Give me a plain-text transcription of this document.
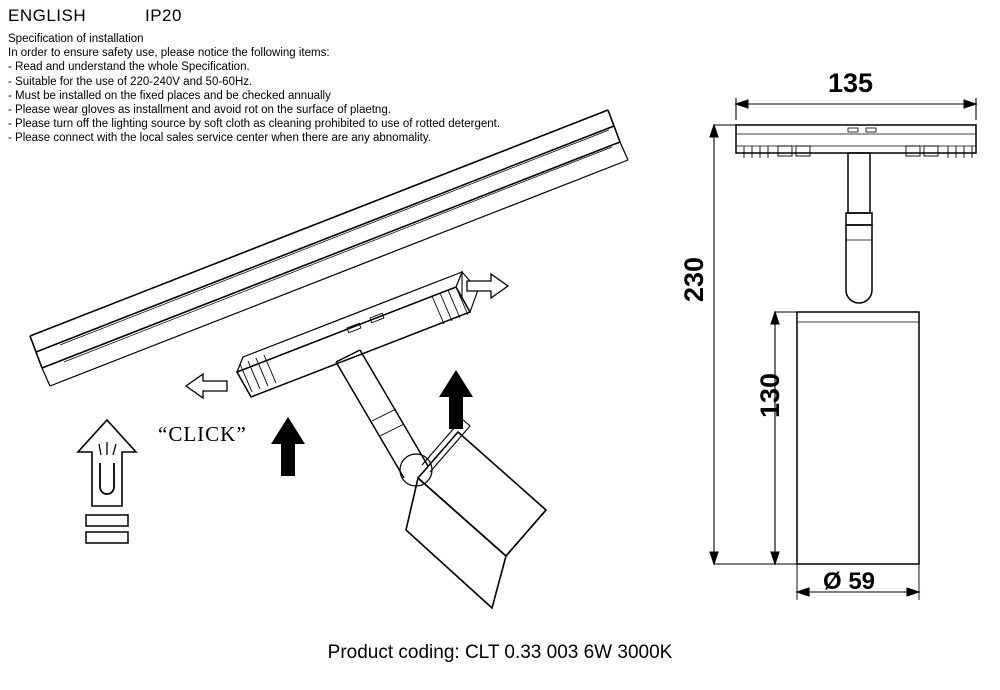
ENGLISH	IP20

Specification of installation

In order to ensure safety use, please notice the following items:

- Read and understand the whole Specification.

- Suitable for the use of 220-240V and 50-60Hz.

- Must be installed on the fixed places and be checked annually

- Please wear gloves as installment and avoid rot on the surface of plaetng.

- Please turn off the lighting source by soft cloth as cleaning prohibited to use of rotted detergent.

- Please connect with the local sales service center when there are any abnomality.

135
230
130
Ø 59
“CLICK”
Product coding: CLT 0.33 003 6W 3000K
